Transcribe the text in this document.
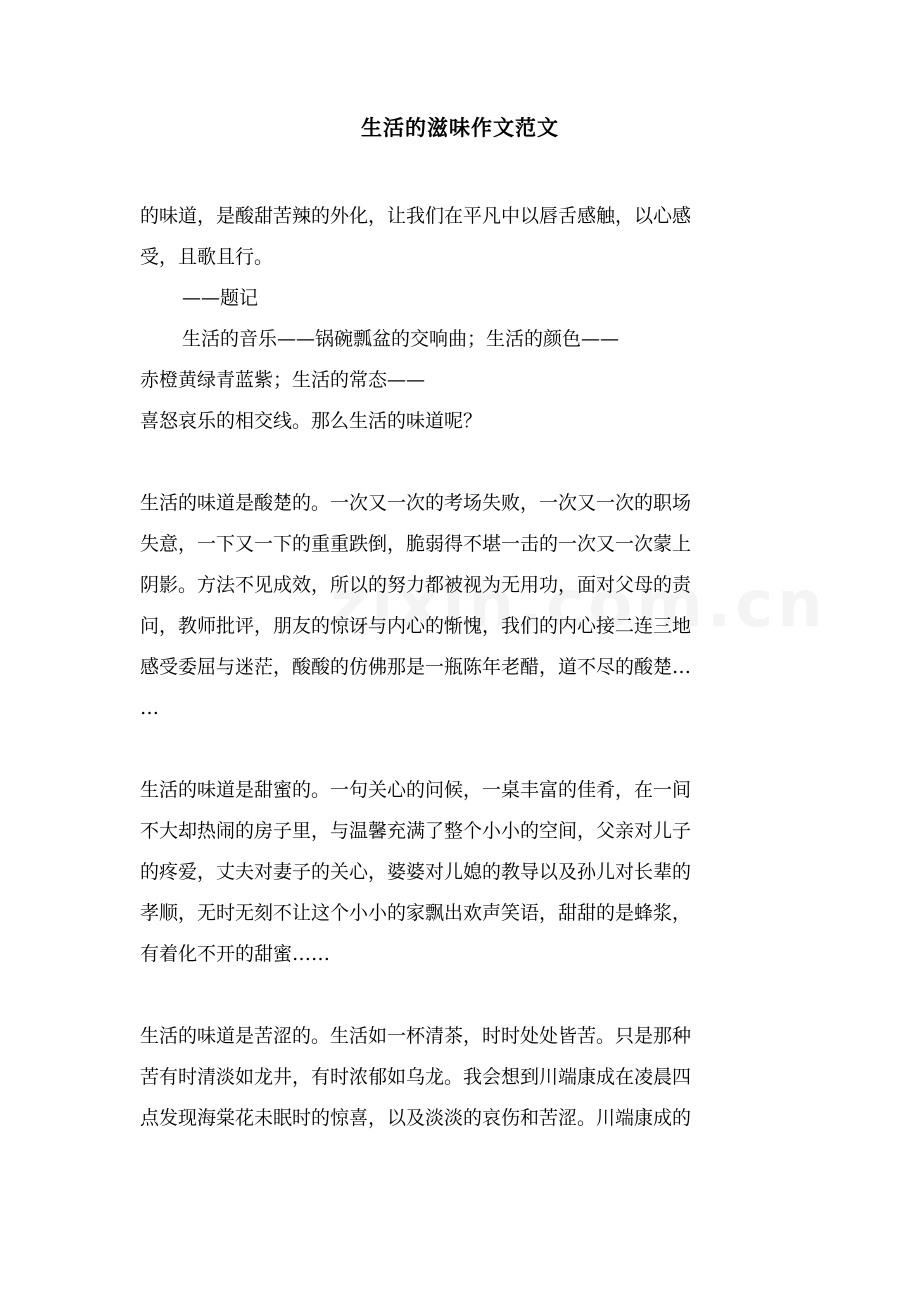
生活的滋味作文范文

的味道，是酸甜苦辣的外化，让我们在平凡中以唇舌感触，以心感

受，且歌且行。

——题记

生活的音乐——锅碗瓢盆的交响曲；生活的颜色——

赤橙黄绿青蓝紫；生活的常态——

喜怒哀乐的相交线。那么生活的味道呢？

生活的味道是酸楚的。一次又一次的考场失败，一次又一次的职场

失意，一下又一下的重重跌倒，脆弱得不堪一击的一次又一次蒙上

阴影。方法不见成效，所以的努力都被视为无用功，面对父母的责

问，教师批评，朋友的惊讶与内心的惭愧，我们的内心接二连三地

感受委屈与迷茫，酸酸的仿佛那是一瓶陈年老醋，道不尽的酸楚…

…

生活的味道是甜蜜的。一句关心的问候，一桌丰富的佳肴，在一间

不大却热闹的房子里，与温馨充满了整个小小的空间，父亲对儿子

的疼爱，丈夫对妻子的关心，婆婆对儿媳的教导以及孙儿对长辈的

孝顺，无时无刻不让这个小小的家飘出欢声笑语，甜甜的是蜂浆，

有着化不开的甜蜜……

生活的味道是苦涩的。生活如一杯清茶，时时处处皆苦。只是那种

苦有时清淡如龙井，有时浓郁如乌龙。我会想到川端康成在凌晨四

点发现海棠花未眠时的惊喜，以及淡淡的哀伤和苦涩。川端康成的
